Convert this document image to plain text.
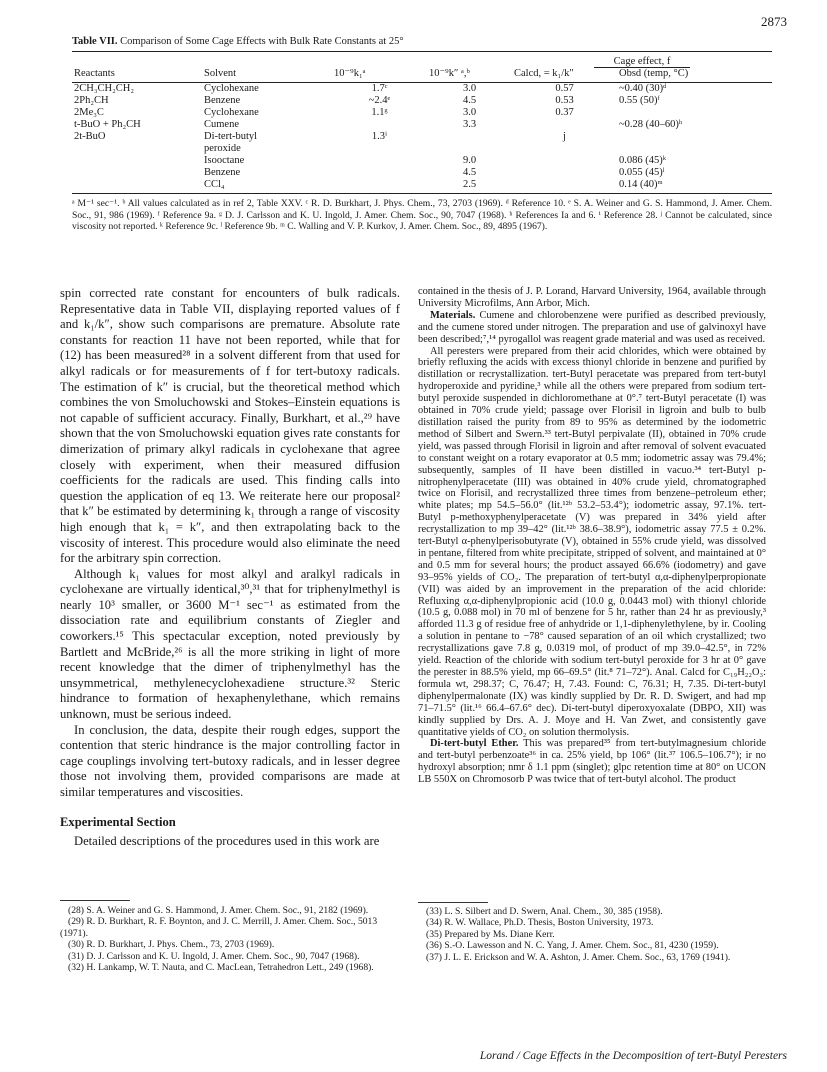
2873
Table VII. Comparison of Some Cage Effects with Bulk Rate Constants at 25°
				Cage effect, f	
Reactants	Solvent	10⁻⁹k₁ᵃ	10⁻⁹k″ ᵃ,ᵇ	Calcd, = k₁/k″	Obsd (temp, °C)
2CH₃CH₂CH₂	Cyclohexane	1.7ᶜ	3.0	0.57	~0.40 (30)ᵈ
2Ph₂CH	Benzene	~2.4ᵉ	4.5	0.53	0.55 (50)ᶠ
2Me₃C	Cyclohexane	1.1ᵍ	3.0	0.37	
t-BuO + Ph₂CH	Cumene		3.3		~0.28 (40–60)ʰ
2t-BuO	Di-tert-butyl	1.3ⁱ		j	
	peroxide				
	Isooctane		9.0		0.086 (45)ᵏ
	Benzene		4.5		0.055 (45)ˡ
	CCl₄		2.5		0.14 (40)ᵐ
ᵃ M⁻¹ sec⁻¹. ᵇ All values calculated as in ref 2, Table XXV. ᶜ R. D. Burkhart, J. Phys. Chem., 73, 2703 (1969). ᵈ Reference 10. ᵉ S. A. Weiner and G. S. Hammond, J. Amer. Chem. Soc., 91, 986 (1969). ᶠ Reference 9a. ᵍ D. J. Carlsson and K. U. Ingold, J. Amer. Chem. Soc., 90, 7047 (1968). ʰ References Ia and 6. ⁱ Reference 28. ʲ Cannot be calculated, since viscosity not reported. ᵏ Reference 9c. ˡ Reference 9b. ᵐ C. Walling and V. P. Kurkov, J. Amer. Chem. Soc., 89, 4895 (1967).

spin corrected rate constant for encounters of bulk radicals. Representative data in Table VII, displaying reported values of f and k₁/k″, show such comparisons are premature. Absolute rate constants for reaction 11 have not been reported, while that for (12) has been measured²⁸ in a solvent different from that used for alkyl radicals or for measurements of f for tert-butoxy radicals. The estimation of k″ is crucial, but the theoretical method which combines the von Smoluchowski and Stokes–Einstein equations is not capable of sufficient accuracy. Finally, Burkhart, et al.,²⁹ have shown that the von Smoluchowski equation gives rate constants for dimerization of primary alkyl radicals in cyclohexane that agree closely with experiment, when their measured diffusion coefficients for the radicals are used. This finding calls into question the application of eq 13. We reiterate here our proposal² that k″ be estimated by determining k₁ through a range of viscosity high enough that k₁ = k″, and then extrapolating back to the viscosity of interest. This procedure would also eliminate the need for the arbitrary spin correction.

Although k₁ values for most alkyl and aralkyl radicals in cyclohexane are virtually identical,³⁰,³¹ that for triphenylmethyl is nearly 10³ smaller, or 3600 M⁻¹ sec⁻¹ as estimated from the dissociation rate and equilibrium constants of Ziegler and coworkers.¹⁵ This spectacular exception, noted previously by Bartlett and McBride,²⁶ is all the more striking in light of more recent knowledge that the dimer of triphenylmethyl has the unsymmetrical, methylenecyclohexadiene structure.³² Steric hindrance to formation of hexaphenylethane, which remains unknown, must be serious indeed.

In conclusion, the data, despite their rough edges, support the contention that steric hindrance is the major controlling factor in cage couplings involving tert-butoxy radicals, and in lesser degree those not involving them, provided comparisons are made at similar temperatures and viscosities.

Experimental Section

Detailed descriptions of the procedures used in this work are

contained in the thesis of J. P. Lorand, Harvard University, 1964, available through University Microfilms, Ann Arbor, Mich.

Materials. Cumene and chlorobenzene were purified as described previously, and the cumene stored under nitrogen. The preparation and use of galvinoxyl have been described;⁷,¹⁴ pyrogallol was reagent grade material and was used as received.

All peresters were prepared from their acid chlorides, which were obtained by briefly refluxing the acids with excess thionyl chloride in benzene and purified by distillation or recrystallization. tert-Butyl peracetate was prepared from tert-butyl hydroperoxide and pyridine,³ while all the others were prepared from sodium tert-butyl peroxide suspended in dichloromethane at 0°.⁷ tert-Butyl peracetate (I) was obtained in 70% crude yield; passage over Florisil in ligroin and bulb to bulb distillation raised the purity from 89 to 95% as determined by the iodometric method of Silbert and Swern.³³ tert-Butyl perpivalate (II), obtained in 70% crude yield, was passed through Florisil in ligroin and after removal of solvent evacuated to constant weight on a rotary evaporator at 0.5 mm; iodometric assay was 79.4%; subsequently, samples of II have been distilled in vacuo.³⁴ tert-Butyl p-nitrophenylperacetate (III) was obtained in 40% crude yield, chromatographed twice on Florisil, and recrystallized three times from benzene–petroleum ether; white plates; mp 54.5–56.0° (lit.¹²ᵇ 53.2–53.4°); iodometric assay, 97.1%. tert-Butyl p-methoxyphenylperacetate (V) was prepared in 34% yield after recrystallization to mp 39–42° (lit.¹²ᵇ 38.6–38.9°), iodometric assay 77.5 ± 0.2%. tert-Butyl α-phenylperisobutyrate (V), obtained in 55% crude yield, was dissolved in pentane, filtered from white precipitate, stripped of solvent, and maintained at 0° and 0.5 mm for several hours; the product assayed 66.6% (iodometry) and gave 93–95% yields of CO₂. The preparation of tert-butyl α,α-diphenylperpropionate (VII) was aided by an improvement in the preparation of the acid chloride: Refluxing α,α-diphenylpropionic acid (10.0 g, 0.0443 mol) with thionyl chloride (10.5 g, 0.088 mol) in 70 ml of benzene for 5 hr, rather than 24 hr as previously,³ afforded 11.3 g of residue free of anhydride or 1,1-diphenylethylene, by ir. Cooling a solution in pentane to −78° caused separation of an oil which crystallized; two recrystallizations gave 7.8 g, 0.0319 mol, of product of mp 39.0–42.5°, in 72% yield. Reaction of the chloride with sodium tert-butyl peroxide for 3 hr at 0° gave the perester in 88.5% yield, mp 66–69.5° (lit.⁸ 71–72°). Anal. Calcd for C₁₉H₂₂O₃: formula wt, 298.37; C, 76.47; H, 7.43. Found: C, 76.31; H, 7.35. Di-tert-butyl diphenylpermalonate (IX) was kindly supplied by Dr. R. D. Swigert, and had mp 71–71.5° (lit.¹⁶ 66.4–67.6° dec). Di-tert-butyl diperoxyoxalate (DBPO, XII) was kindly supplied by Drs. A. J. Moye and H. Van Zwet, and consistently gave quantitative yields of CO₂ on solution thermolysis.

Di-tert-butyl Ether. This was prepared³⁵ from tert-butylmagnesium chloride and tert-butyl perbenzoate³⁶ in ca. 25% yield, bp 106° (lit.³⁷ 106.5–106.7°); ir no hydroxyl absorption; nmr δ 1.1 ppm (singlet); glpc retention time at 80° on UCON LB 550X on Chromosorb P was twice that of tert-butyl alcohol. The product

(28) S. A. Weiner and G. S. Hammond, J. Amer. Chem. Soc., 91, 2182 (1969).
(29) R. D. Burkhart, R. F. Boynton, and J. C. Merrill, J. Amer. Chem. Soc., 5013 (1971).
(30) R. D. Burkhart, J. Phys. Chem., 73, 2703 (1969).
(31) D. J. Carlsson and K. U. Ingold, J. Amer. Chem. Soc., 90, 7047 (1968).
(32) H. Lankamp, W. T. Nauta, and C. MacLean, Tetrahedron Lett., 249 (1968).
(33) L. S. Silbert and D. Swern, Anal. Chem., 30, 385 (1958).
(34) R. W. Wallace, Ph.D. Thesis, Boston University, 1973.
(35) Prepared by Ms. Diane Kerr.
(36) S.-O. Lawesson and N. C. Yang, J. Amer. Chem. Soc., 81, 4230 (1959).
(37) J. L. E. Erickson and W. A. Ashton, J. Amer. Chem. Soc., 63, 1769 (1941).
Lorand / Cage Effects in the Decomposition of tert-Butyl Peresters
